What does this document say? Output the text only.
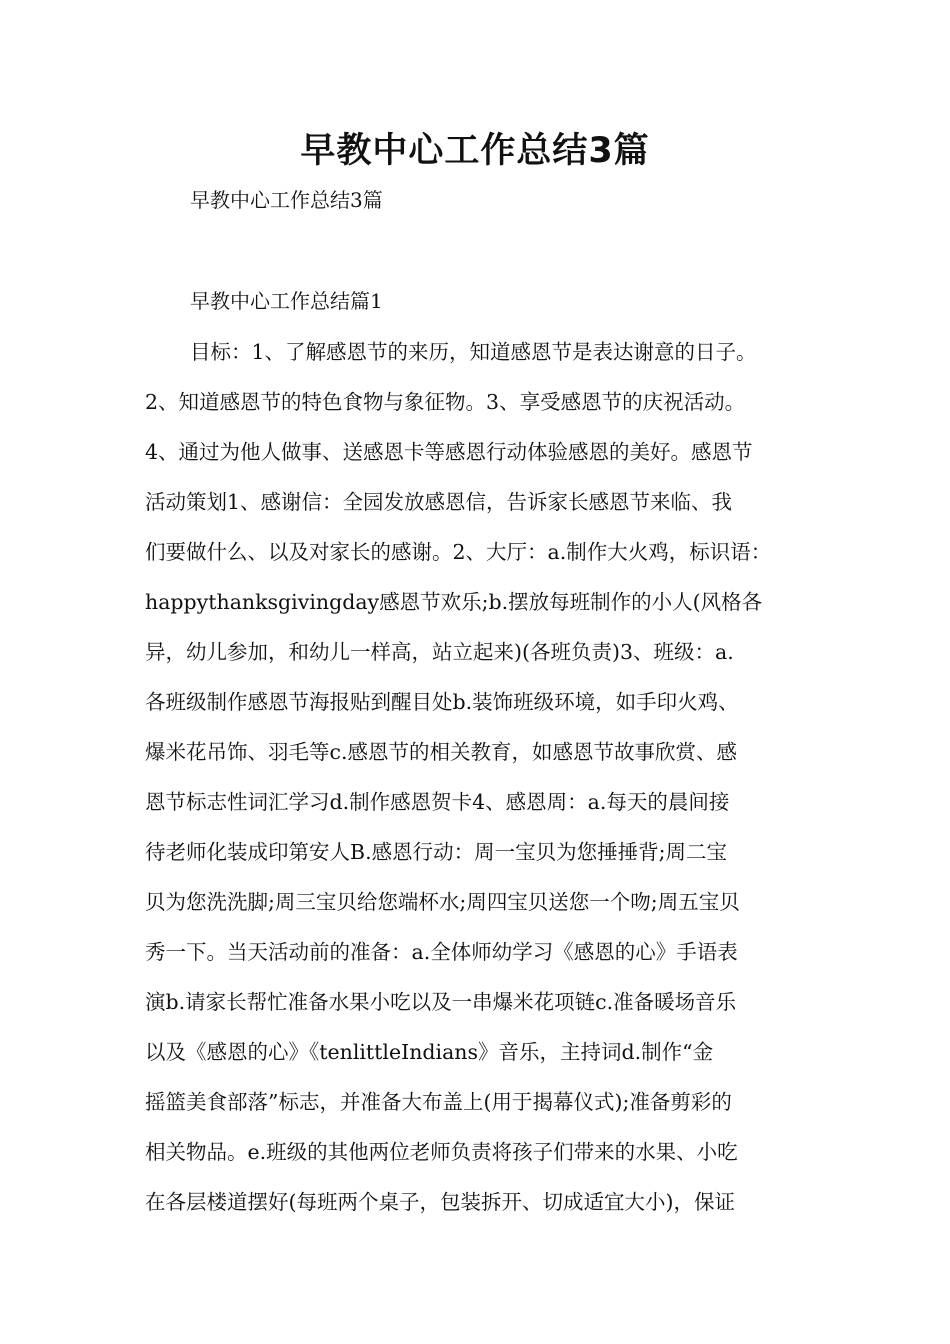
早教中心工作总结3篇

早教中心工作总结3篇

早教中心工作总结篇1

目标：1、了解感恩节的来历，知道感恩节是表达谢意的日子。
2、知道感恩节的特色食物与象征物。3、享受感恩节的庆祝活动。
4、通过为他人做事、送感恩卡等感恩行动体验感恩的美好。感恩节
活动策划1、感谢信：全园发放感恩信，告诉家长感恩节来临、我
们要做什么、以及对家长的感谢。2、大厅：a.制作大火鸡，标识语：
happythanksgivingday感恩节欢乐;b.摆放每班制作的小人(风格各
异，幼儿参加，和幼儿一样高，站立起来)(各班负责)3、班级：a.
各班级制作感恩节海报贴到醒目处b.装饰班级环境，如手印火鸡、
爆米花吊饰、羽毛等c.感恩节的相关教育，如感恩节故事欣赏、感
恩节标志性词汇学习d.制作感恩贺卡4、感恩周：a.每天的晨间接
待老师化装成印第安人B.感恩行动：周一宝贝为您捶捶背;周二宝
贝为您洗洗脚;周三宝贝给您端杯水;周四宝贝送您一个吻;周五宝贝
秀一下。当天活动前的准备：a.全体师幼学习《感恩的心》手语表
演b.请家长帮忙准备水果小吃以及一串爆米花项链c.准备暖场音乐
以及《感恩的心》《tenlittleIndians》音乐，主持词d.制作“金
摇篮美食部落”标志，并准备大布盖上(用于揭幕仪式);准备剪彩的
相关物品。e.班级的其他两位老师负责将孩子们带来的水果、小吃
在各层楼道摆好(每班两个桌子，包装拆开、切成适宜大小)，保证
